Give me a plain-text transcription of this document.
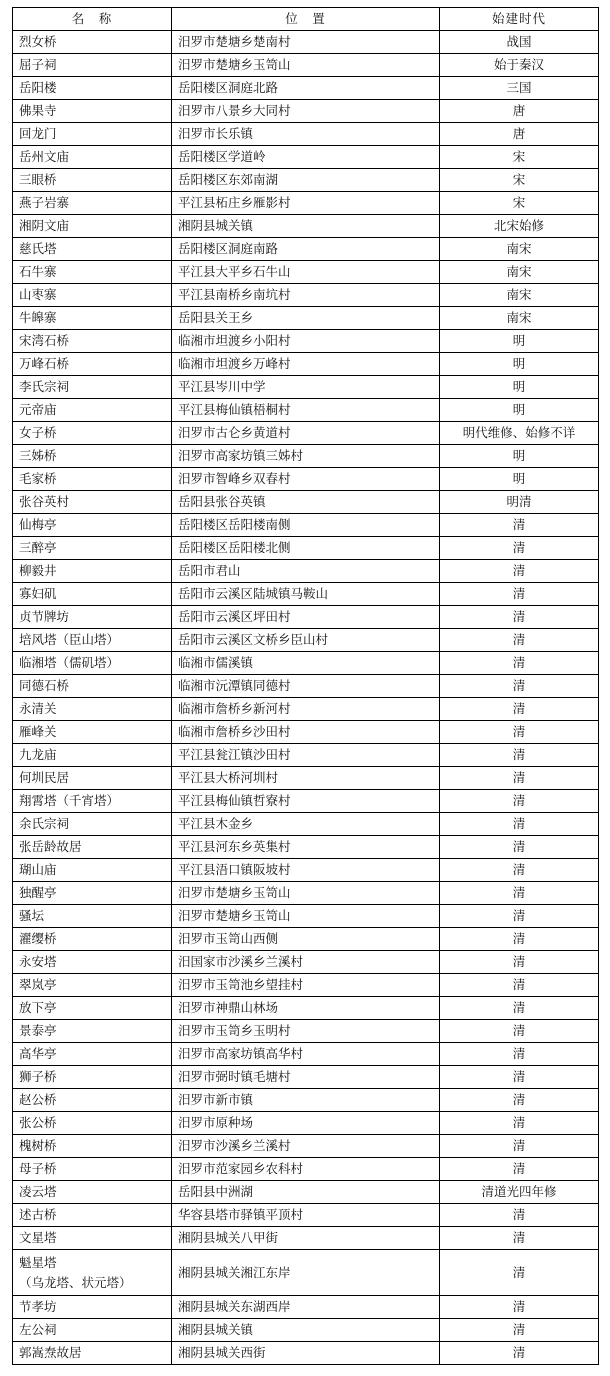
名　称	位　置	始建时代

烈女桥	汨罗市楚塘乡楚南村	战国

屈子祠	汨罗市楚塘乡玉笥山	始于秦汉

岳阳楼	岳阳楼区洞庭北路	三国

佛果寺	汨罗市八景乡大同村	唐

回龙门	汨罗市长乐镇	唐

岳州文庙	岳阳楼区学道岭	宋

三眼桥	岳阳楼区东郊南湖	宋

燕子岩寨	平江县柘庄乡雁影村	宋

湘阴文庙	湘阴县城关镇	北宋始修

慈氏塔	岳阳楼区洞庭南路	南宋

石牛寨	平江县大平乡石牛山	南宋

山枣寨	平江县南桥乡南坑村	南宋

牛皞寨	岳阳县关王乡	南宋

宋湾石桥	临湘市坦渡乡小阳村	明

万峰石桥	临湘市坦渡乡万峰村	明

李氏宗祠	平江县岑川中学	明

元帝庙	平江县梅仙镇梧桐村	明

女子桥	汨罗市古仑乡黄道村	明代维修、始修不详

三姊桥	汨罗市高家坊镇三姊村	明

毛家桥	汨罗市智峰乡双春村	明

张谷英村	岳阳县张谷英镇	明清

仙梅亭	岳阳楼区岳阳楼南侧	清

三醉亭	岳阳楼区岳阳楼北侧	清

柳毅井	岳阳市君山	清

寡妇矶	岳阳市云溪区陆城镇马鞍山	清

贞节牌坊	岳阳市云溪区坪田村	清

培风塔（臣山塔）	岳阳市云溪区文桥乡臣山村	清

临湘塔（儒矶塔）	临湘市儒溪镇	清

同德石桥	临湘市沅潭镇同德村	清

永清关	临湘市詹桥乡新河村	清

雁峰关	临湘市詹桥乡沙田村	清

九龙庙	平江县瓮江镇沙田村	清

何圳民居	平江县大桥河圳村	清

翔霄塔（千宵塔）	平江县梅仙镇哲寮村	清

余氏宗祠	平江县木金乡	清

张岳龄故居	平江县河东乡英集村	清

瑚山庙	平江县浯口镇阪坡村	清

独醒亭	汨罗市楚塘乡玉笥山	清

骚坛	汨罗市楚塘乡玉笥山	清

濯缨桥	汨罗市玉笥山西侧	清

永安塔	汨国家市沙溪乡兰溪村	清

翠岚亭	汨罗市玉笥池乡望挂村	清

放下亭	汨罗市神鼎山林场	清

景泰亭	汨罗市玉笥乡玉明村	清

高华亭	汨罗市高家坊镇高华村	清

狮子桥	汨罗市弼时镇毛塘村	清

赵公桥	汨罗市新市镇	清

张公桥	汨罗市原种场	清

槐树桥	汨罗市沙溪乡兰溪村	清

母子桥	汨罗市范家园乡农科村	清

凌云塔	岳阳县中洲湖	清道光四年修

述古桥	华容县塔市驿镇平顶村	清

文星塔	湘阴县城关八甲街	清

魁星塔
（乌龙塔、状元塔）	湘阴县城关湘江东岸	清

节孝坊	湘阴县城关东湖西岸	清

左公祠	湘阴县城关镇	清

郭嵩焘故居	湘阴县城关西街	清
